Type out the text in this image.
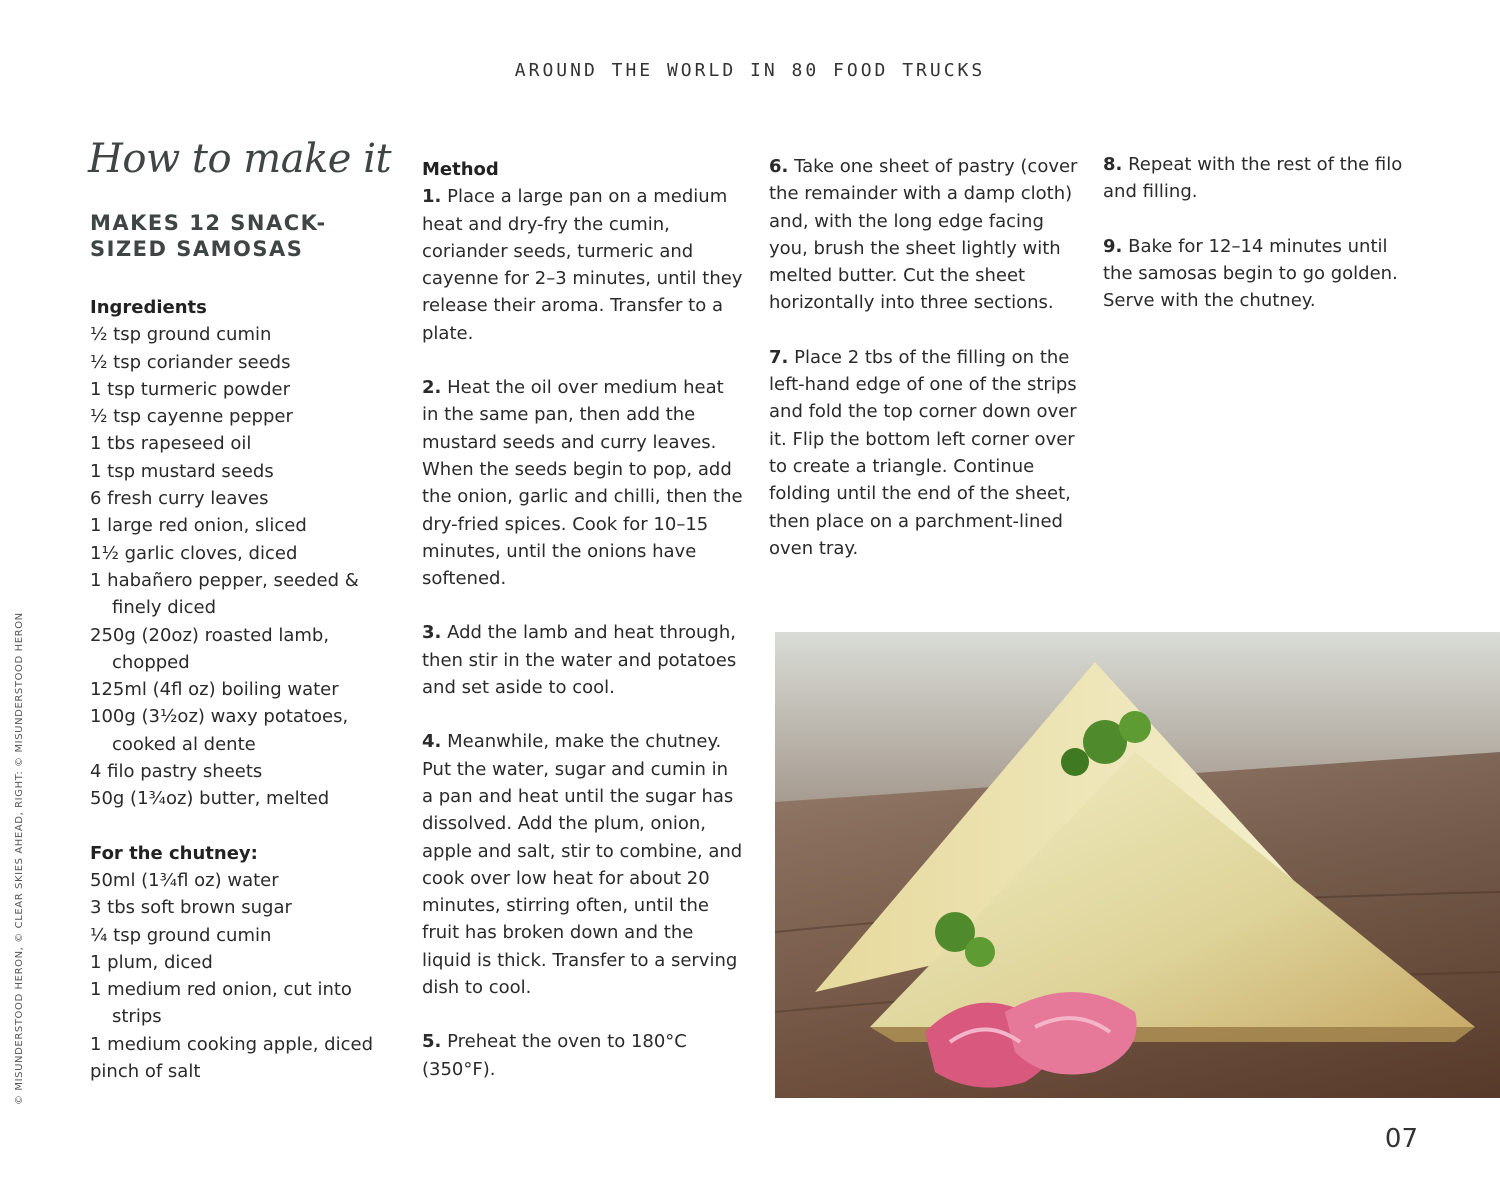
AROUND THE WORLD IN 80 FOOD TRUCKS
How to make it
MAKES 12 SNACK-SIZED SAMOSAS

Ingredients

½ tsp ground cumin
½ tsp coriander seeds
1 tsp turmeric powder
½ tsp cayenne pepper
1 tbs rapeseed oil
1 tsp mustard seeds
6 fresh curry leaves
1 large red onion, sliced
1½ garlic cloves, diced
1 habañero pepper, seeded & finely diced
250g (20oz) roasted lamb, chopped
125ml (4fl oz) boiling water
100g (3½oz) waxy potatoes, cooked al dente
4 filo pastry sheets
50g (1¾oz) butter, melted

For the chutney:

50ml (1¾fl oz) water
3 tbs soft brown sugar
¼ tsp ground cumin
1 plum, diced
1 medium red onion, cut into strips
1 medium cooking apple, diced
pinch of salt

Method

1. Place a large pan on a medium heat and dry-fry the cumin, coriander seeds, turmeric and cayenne for 2–3 minutes, until they release their aroma. Transfer to a plate.

2. Heat the oil over medium heat in the same pan, then add the mustard seeds and curry leaves. When the seeds begin to pop, add the onion, garlic and chilli, then the dry-fried spices. Cook for 10–15 minutes, until the onions have softened.

3. Add the lamb and heat through, then stir in the water and potatoes and set aside to cool.

4. Meanwhile, make the chutney. Put the water, sugar and cumin in a pan and heat until the sugar has dissolved. Add the plum, onion, apple and salt, stir to combine, and cook over low heat for about 20 minutes, stirring often, until the fruit has broken down and the liquid is thick. Transfer to a serving dish to cool.

5. Preheat the oven to 180°C (350°F).

6. Take one sheet of pastry (cover the remainder with a damp cloth) and, with the long edge facing you, brush the sheet lightly with melted butter. Cut the sheet horizontally into three sections.

7. Place 2 tbs of the filling on the left-hand edge of one of the strips and fold the top corner down over it. Flip the bottom left corner over to create a triangle. Continue folding until the end of the sheet, then place on a parchment-lined oven tray.

8. Repeat with the rest of the filo and filling.

9. Bake for 12–14 minutes until the samosas begin to go golden. Serve with the chutney.

© MISUNDERSTOOD HERON, © CLEAR SKIES AHEAD, RIGHT: © MISUNDERSTOOD HERON
07
